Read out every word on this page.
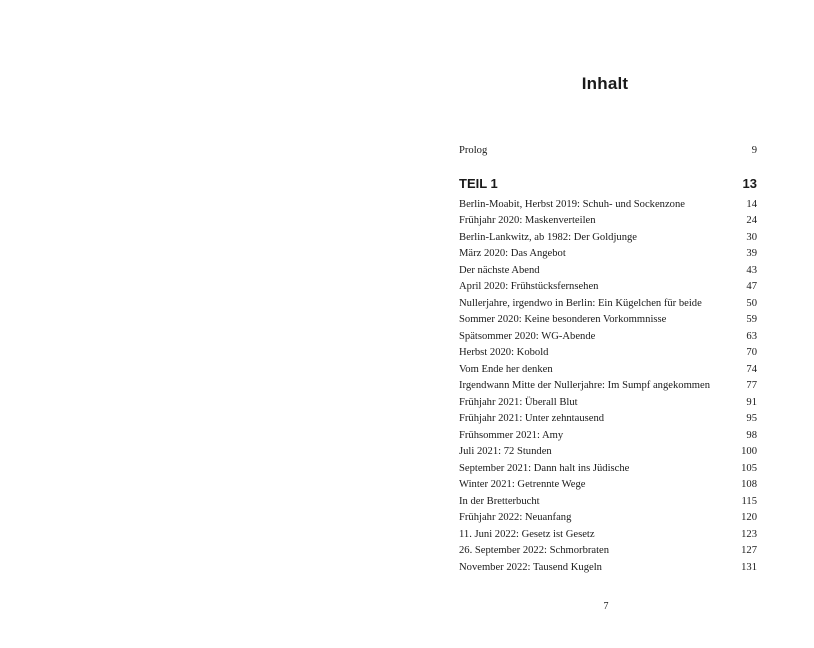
Inhalt
Prolog	9
TEIL 1	13
Berlin-Moabit, Herbst 2019: Schuh- und Sockenzone	14
Frühjahr 2020: Maskenverteilen	24
Berlin-Lankwitz, ab 1982: Der Goldjunge	30
März 2020: Das Angebot	39
Der nächste Abend	43
April 2020: Frühstücksfernsehen	47
Nullerjahre, irgendwo in Berlin: Ein Kügelchen für beide	50
Sommer 2020: Keine besonderen Vorkommnisse	59
Spätsommer 2020: WG-Abende	63
Herbst 2020: Kobold	70
Vom Ende her denken	74
Irgendwann Mitte der Nullerjahre: Im Sumpf angekommen	77
Frühjahr 2021: Überall Blut	91
Frühjahr 2021: Unter zehntausend	95
Frühsommer 2021: Amy	98
Juli 2021: 72 Stunden	100
September 2021: Dann halt ins Jüdische	105
Winter 2021: Getrennte Wege	108
In der Bretterbucht	115
Frühjahr 2022: Neuanfang	120
11. Juni 2022: Gesetz ist Gesetz	123
26. September 2022: Schmorbraten	127
November 2022: Tausend Kugeln	131
7
